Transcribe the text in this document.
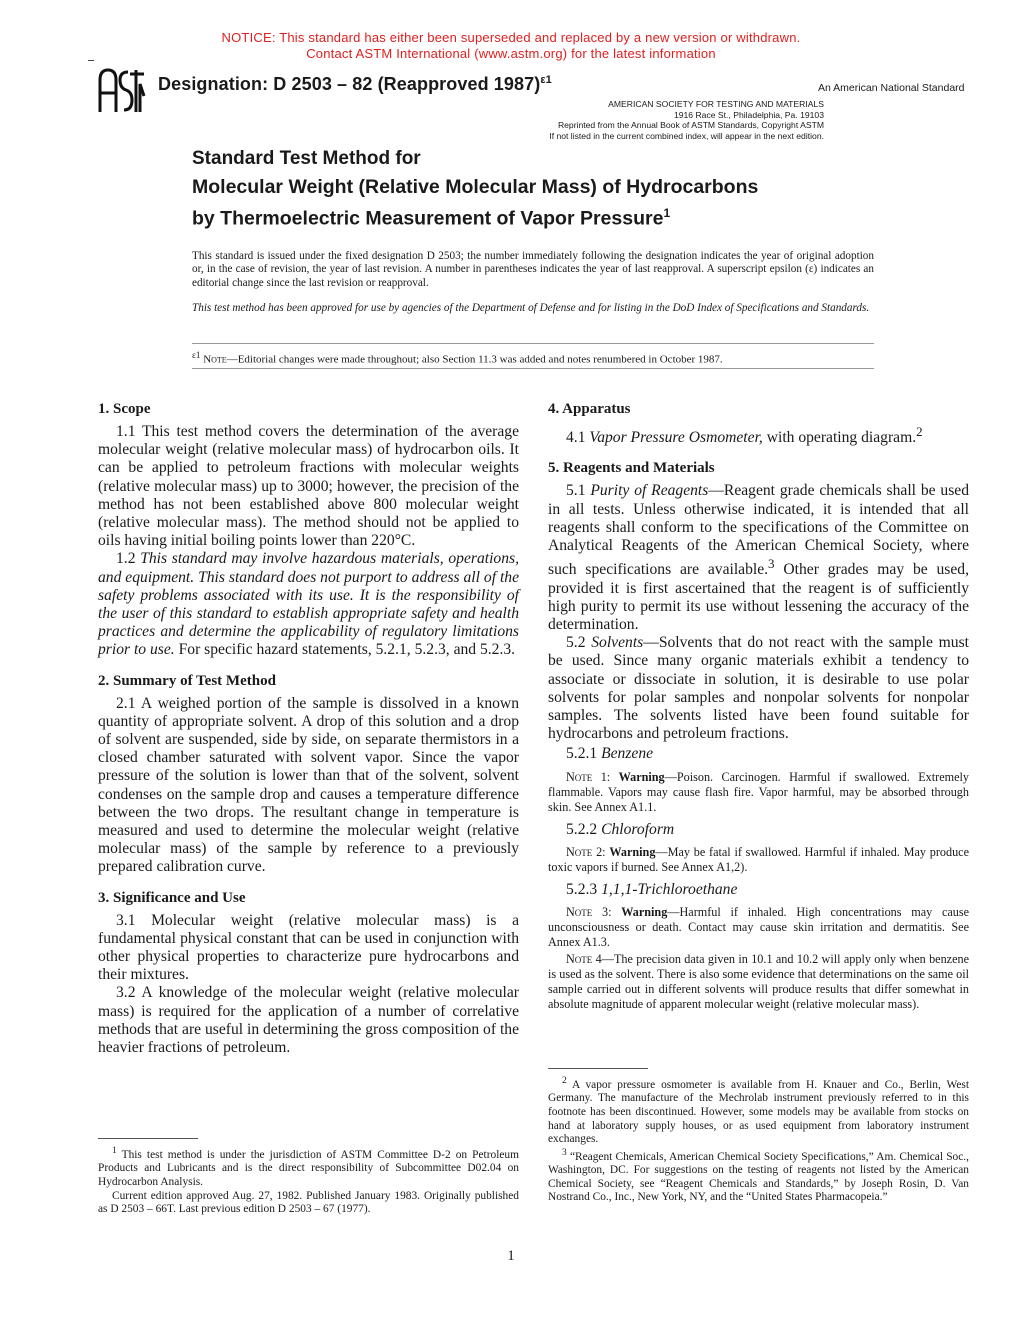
NOTICE: This standard has either been superseded and replaced by a new version or withdrawn.
Contact ASTM International (www.astm.org) for the latest information
Designation: D 2503 – 82 (Reapproved 1987)$^{\varepsilon 1}$
An American National Standard
AMERICAN SOCIETY FOR TESTING AND MATERIALS
1916 Race St., Philadelphia, Pa. 19103
Reprinted from the Annual Book of ASTM Standards, Copyright ASTM
If not listed in the current combined index, will appear in the next edition.
Standard Test Method for
Molecular Weight (Relative Molecular Mass) of Hydrocarbons
by Thermoelectric Measurement of Vapor Pressure$^1$
This standard is issued under the fixed designation D 2503; the number immediately following the designation indicates the year of original adoption or, in the case of revision, the year of last revision. A number in parentheses indicates the year of last reapproval. A superscript epsilon (ε) indicates an editorial change since the last revision or reapproval.
This test method has been approved for use by agencies of the Department of Defense and for listing in the DoD Index of Specifications and Standards.
$^{\varepsilon 1}$ Note—Editorial changes were made throughout; also Section 11.3 was added and notes renumbered in October 1987.
1. Scope

1.1 This test method covers the determination of the average molecular weight (relative molecular mass) of hydrocarbon oils. It can be applied to petroleum fractions with molecular weights (relative molecular mass) up to 3000; however, the precision of the method has not been established above 800 molecular weight (relative molecular mass). The method should not be applied to oils having initial boiling points lower than 220°C.

1.2 This standard may involve hazardous materials, operations, and equipment. This standard does not purport to address all of the safety problems associated with its use. It is the responsibility of the user of this standard to establish appropriate safety and health practices and determine the applicability of regulatory limitations prior to use. For specific hazard statements, 5.2.1, 5.2.3, and 5.2.3.

2. Summary of Test Method

2.1 A weighed portion of the sample is dissolved in a known quantity of appropriate solvent. A drop of this solution and a drop of solvent are suspended, side by side, on separate thermistors in a closed chamber saturated with solvent vapor. Since the vapor pressure of the solution is lower than that of the solvent, solvent condenses on the sample drop and causes a temperature difference between the two drops. The resultant change in temperature is measured and used to determine the molecular weight (relative molecular mass) of the sample by reference to a previously prepared calibration curve.

3. Significance and Use

3.1 Molecular weight (relative molecular mass) is a fundamental physical constant that can be used in conjunction with other physical properties to characterize pure hydrocarbons and their mixtures.

3.2 A knowledge of the molecular weight (relative molecular mass) is required for the application of a number of correlative methods that are useful in determining the gross composition of the heavier fractions of petroleum.

$^1$ This test method is under the jurisdiction of ASTM Committee D-2 on Petroleum Products and Lubricants and is the direct responsibility of Subcommittee D02.04 on Hydrocarbon Analysis.

Current edition approved Aug. 27, 1982. Published January 1983. Originally published as D 2503 – 66T. Last previous edition D 2503 – 67 (1977).

4. Apparatus

4.1 Vapor Pressure Osmometer, with operating diagram.$^2$

5. Reagents and Materials

5.1 Purity of Reagents—Reagent grade chemicals shall be used in all tests. Unless otherwise indicated, it is intended that all reagents shall conform to the specifications of the Committee on Analytical Reagents of the American Chemical Society, where such specifications are available.$^3$ Other grades may be used, provided it is first ascertained that the reagent is of sufficiently high purity to permit its use without lessening the accuracy of the determination.

5.2 Solvents—Solvents that do not react with the sample must be used. Since many organic materials exhibit a tendency to associate or dissociate in solution, it is desirable to use polar solvents for polar samples and nonpolar solvents for nonpolar samples. The solvents listed have been found suitable for hydrocarbons and petroleum fractions.

5.2.1 Benzene

Note 1: Warning—Poison. Carcinogen. Harmful if swallowed. Extremely flammable. Vapors may cause flash fire. Vapor harmful, may be absorbed through skin. See Annex A1.1.

5.2.2 Chloroform

Note 2: Warning—May be fatal if swallowed. Harmful if inhaled. May produce toxic vapors if burned. See Annex A1,2).

5.2.3 1,1,1-Trichloroethane

Note 3: Warning—Harmful if inhaled. High concentrations may cause unconsciousness or death. Contact may cause skin irritation and dermatitis. See Annex A1.3.

Note 4—The precision data given in 10.1 and 10.2 will apply only when benzene is used as the solvent. There is also some evidence that determinations on the same oil sample carried out in different solvents will produce results that differ somewhat in absolute magnitude of apparent molecular weight (relative molecular mass).

$^2$ A vapor pressure osmometer is available from H. Knauer and Co., Berlin, West Germany. The manufacture of the Mechrolab instrument previously referred to in this footnote has been discontinued. However, some models may be available from stocks on hand at laboratory supply houses, or as used equipment from laboratory instrument exchanges.

$^3$ “Reagent Chemicals, American Chemical Society Specifications,” Am. Chemical Soc., Washington, DC. For suggestions on the testing of reagents not listed by the American Chemical Society, see “Reagent Chemicals and Standards,” by Joseph Rosin, D. Van Nostrand Co., Inc., New York, NY, and the “United States Pharmacopeia.”

1
